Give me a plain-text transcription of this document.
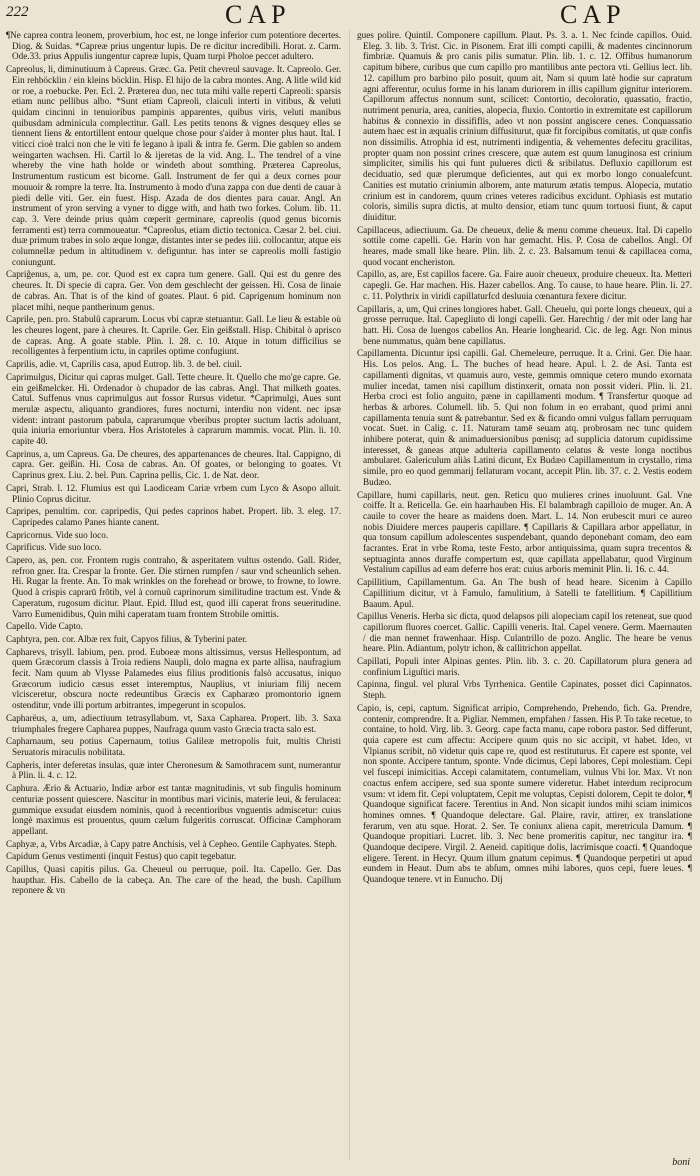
222	CAP	CAP

¶Ne caprea contra leonem, proverbium, hoc est, ne longe inferior cum potentiore decertes. Diog. & Suidas. *Capreæ prius ungentur lupis. De re dicitur incredibili. Horat. z. Carm. Ode.33. prius Appulis iungentur capreæ lupis, Quam turpi Pholoe peccet adultero.

Capreolus, li, diminutiuum à Capreus. Græc. Ga. Petit chevreul sauvage. It. Capreolo. Ger. Ein rehböcklin / ein kleins böcklin. Hisp. El hijo de la cabra montes. Ang. A litle wild kid or roe, a roebucke. Per. Ecl. 2. Præterea duo, nec tuta mihi valle reperti Capreoli: sparsis etiam nunc pellibus albo. *Sunt etiam Capreoli, claiculi interti in vitibus, & veluti quidam cincinni in tenuioribus pampinis apparentes, quibus viris, veluti manibus quibusdam adminicula complectitur. Gall. Les petits tenons & vignes desquey elles se tiennent liens & entortillent entour quelque chose pour s'aider à monter plus haut. Ital. I viticci cioè tralci non che le viti fe legano à ipali & intra fe. Germ. Die gablen so andem weingarten wachsen. Hi. Cartil lo & ijeretas de la vid. Ang. L. The tendrel of a vine whereby the vine hath holde or windeth about somthing. Præterea Capreolus, Instrumentum rusticum est bicorne. Gall. Instrument de fer qui a deux cornes pour mouuoir & rompre la terre. Ita. Instrumento à modo d'una zappa con due denti de cauar à piedi delle viti. Ger. ein fuest. Hisp. Azada de dos dientes para cauar. Angl. An instrument of yron serving a vyner to digge with, and hath two forkes. Colum. lib. 11. cap. 3. Vere deinde prius quàm cœperit germinare, capreolis (quod genus bicornis ferramenti est) terra commoueatur. *Capreolus, etiam dictio tectonica. Cæsar 2. bel. ciui. duæ primum trabes in solo æque longæ, distantes inter se pedes iiii. collocantur, atque eis columnellæ pedum in altitudinem v. defiguntur. has inter se capreolis molli fastigio coniungunt.

Capriĝenus, a, um, pe. cor. Quod est ex capra tum genere. Gall. Qui est du genre des cheures. It. Di specie di capra. Ger. Von dem geschlecht der geissen. Hi. Cosa de linaie de cabras. An. That is of the kind of goates. Plaut. 6 pid. Caprigenum hominum non placet mihi, neque pantherinum genus.

Caprile, pen. pro. Stabulû caprarum. Locus vbi capræ stetuantur. Gall. Le lieu & estable où les cheures logent, pare à cheures. It. Caprile. Ger. Ein geißstall. Hisp. Chibital ò aprisco de capras. Ang. A goate stable. Plin. l. 28. c. 10. Atque in totum difficilius se recolligentes à ferpentium ictu, in capriles optime confugiunt.

Caprilis, adie. vt, Caprilis casa, apud Eutrop. lib. 3. de bel. ciuil.

Caprimulgus, Dicitur qui capras mulget. Gall. Tette cheure. It. Quello che mo'ge capre. Ge. ein geißmelcker. Hi. Ordenador ò chupador de las cabras. Angl. That milketh goates. Catul. Suffenus vnus caprimulgus aut fossor Rursus videtur. *Caprimulgi, Aues sunt merulæ aspectu, aliquanto grandiores, fures nocturni, interdiu non vident. nec ipsæ vident: intrant pastorum pabula, caprarumque vberibus propter suctum lactis adoluant, quia iniuria emoriuntur vbera. Hos Aristoteles à caprarum mammis. vocat. Plin. li. 10. capite 40.

Caprinus, a, um Capreus. Ga. De cheures, des appartenances de cheures. Ital. Cappigno, di capra. Ger. geißin. Hi. Cosa de cabras. An. Of goates, or belonging to goates. Vt Caprinus grex. Liu. 2. bel. Pun. Caprina pellis, Cic. 1. de Nat. deor.

Capri, Strab. l. 12. Flumius est qui Laodiceam Cariæ vrbem cum Lyco & Asopo alluit. Plinio Coprus dicitur.

Capripes, penultim. cor. capripedis, Qui pedes caprinos habet. Propert. lib. 3. eleg. 17. Capripedes calamo Panes hiante canent.

Capricornus. Vide suo loco.

Caprificus. Vide suo loco.

Capero, as, pen. cor. Frontem rugis contraho, & asperitatem vultus ostendo. Gall. Rider, refron gner. Ita. Crespar la fronte. Ger. Die stirnen rumpfen / saur vnd scheunlich sehen. Hi. Rugar la frente. An. To mak wrinkles on the forehead or browe, to frowne, to lowre. Quod à crispis caprarū frōtib, vel à cornuũ caprinorum similitudine tractum est. Vnde & Caperatum, rugosum dicitur. Plaut. Epid. Illud est, quod illi caperat frons seueritudine. Varro Eumenidibus, Quin mihi caperatam tuam frontem Strobile omittis.

Capello. Vide Capto.

Caphtyra, pen. cor. Albæ rex fuit, Capyos filius, & Tyberini pater.

Capharevs, trisyll. Iabium, pen. prod. Euboeæ mons altissimus, versus Hellespontum, ad quem Græcorum classis à Troia rediens Naupli, dolo magna ex parte allisa, naufragium fecit. Nam quum ab Vlysse Palamedes eius filius proditionis falsò accusatus, iniquo Græcorum iudicio cæsus esset interemptus, Nauplius, vt iniuriam filij necem vlcisceretur, obscura nocte redeuntibus Græcis ex Capharæo promontorio ignem ostenditur, vnde illi portum arbitrantes, impegerunt in scopulos.

Capharëus, a, um, adiectiuum tetrasyllabum. vt, Saxa Capharea. Propert. lib. 3. Saxa triumphales fregere Capharea puppes, Naufraga quum vasto Græcia tracta salo est.

Capharnaum, seu potius Capernaum, totius Galileæ metropolis fuit, multis Christi Seruatoris miraculis nobilitata.

Capheris, inter deferetas insulas, quæ inter Cheronesum & Samothracem sunt, numerantur à Plin. li. 4. c. 12.

Caphura. Ærio & Actuario, Indiæ arbor est tantæ magnitudinis, vt sub fingulis hominum centuriæ possent quiescere. Nascitur in montibus mari vicinis, materie leui, & ferulacea: gummique exsudat eiusdem nominis, quod à recentioribus vnguentis admiscetur: cuius longè maximus est prouentus, quum cælum fulgeritis corruscat. Officinæ Camphoram appellant.

Caphyæ, a, Vrbs Arcadiæ, à Capy patre Anchisis, vel à Cepheo. Gentile Caphyates. Steph.

Capidum Genus vestimenti (inquit Festus) quo capit tegebatur.

Capillus, Quasi capitis pilus. Ga. Cheueul ou perruque, poil. Ita. Capello. Ger. Das haupthar. His. Cabello de la cabeça. An. The care of the head, the bush. Capillum reponere & vn

gues polire. Quintil. Componere capillum. Plaut. Ps. 3. a. 1. Nec fcinde capillos. Ouid. Eleg. 3. lib. 3. Trist. Cic. in Pisonem. Erat illi compti capilli, & madentes cincinnorum fimbriæ. Quamuis & pro canis pilis sumatur. Plin. lib. 1. c. 12. Offibus humanorum capitum bibere, curibus que cum capillo pro mantilibus ante pectora vti. Gellius lect. lib. 12. capillum pro barbino pilo posuit, quum ait, Nam si quum latè hodie sur capratum agni afferentur, oculus forme in his lanam duriorem in illis capillum gignitur interiorem. Capillorum affectus nonnum sunt, scilicet: Contortio, decoloratio, quassatio, fractio, nutriment penuria, area, canities, alopecia, fluxio. Contortio in extremitate est capillorum habitus & connexio in dissififlis, adeo vt non possint angiscere cenes. Conquassatio autem haec est in æqualis crinium diffusiturut, quæ fit forcipibus comitatis, ut quæ confis non dissimilis. Atrophia id est, nutrimenti indigentia, & vehementes defecitu gracilitas, propter quam non possint crines crescere, quæ autem est quum lanuginosa est crinium simpliciter, similis his qui funt pulueres dicti & sribilatus. Defluxio capillorum est deciduatio, sed quæ plerumque deficientes, aut qui ex morbo longo conualefcunt. Canities est mutatio criniumin alborem, ante maturum ætatis tempus. Alopecia, mutatio crinium est in candorem, quum crines veteres radicibus excidunt. Ophiasis est mutatio coloris, similis supra dictis, at multo densior, etiam tunc quum tortuosi fiunt, & caput diuiditur.

Capillaceus, adiectiuum. Ga. De cheueux, delie & menu comme cheueux. Ital. Di capello sottile come capelli. Ge. Harin von har gemacht. His. P. Cosa de cabellos. Angl. Of heares, made small like heare. Plin. lib. 2. c. 23. Balsamum tenui & capillacea coma, quod vocant encheriston.

Capillo, as, are, Est capillos facere. Ga. Faire auoir cheueux, produire cheueux. Ita. Metteri capegli. Ge. Har machen. His. Hazer cabellos. Ang. To cause, to haue heare. Plin. li. 27. c. 11. Polythrix in viridi capillaturfcd desluuia cœnantura fexere dicitur.

Capillaris, a, um, Qui crines longiores habet. Gall. Cheuelu, qui porte longs cheueux, qui a grosse perruque. Ital. Capegliuto di longi capelli. Ger. Harechtig / der mit oder lang har hatt. Hi. Cosa de luengos cabellos An. Hearie longhearid. Cic. de leg. Agr. Non minus bene nummatus, quàm bene capillatus.

Capillamenta. Dicuntur ipsi capilli. Gal. Chemeleure, perruque. It a. Crini. Ger. Die haar. His. Los pelos. Ang. L. The buches of head heare. Apul. l. 2. de Asi. Tanta est capillamenti dignitas, vt quamuis auro, veste, gemmis omnique cetero mundo exornata mulier incedat, tamen nisi capillum distinxerit, ornata non possit videri. Plin. li. 21. Herba croci est folio anguito, pæne in capillamenti modum. ¶ Transfertur quoque ad herbas & arbores. Columell. lib. 5. Qui non folum in eo errabant, quod primi anni capillamenta tenuia sunt & patrebantur. Sed ex & ficando omni vulgus fallam perruquam vocat. Suet. in Calig. c. 11. Naturam tamē seuam atq. probrosam nec tunc quidem inhibere poterat, quin & animaduersionibus pœnisq; ad supplicia datorum cupidissime interesset, & ganeas atque adulteria capillamento celatus & veste longa noctibus ambularet. Galericulum aliàs Latini dicunt, Ex Budæo Capillamentum in crystallo, rima simile, pro eo quod gemmarij fellaturam vocant, accepit Plin. lib. 37. c. 2. Vestis eodem Budæo.

Capillare, humi capillaris, neut. gen. Reticu quo mulieres crines inuoluunt. Gal. Vne coiffe. It a. Reticella. Ge. ein haarhauben His. El balambragh capilloio de muger. An. A cauile to cover the heare as maidens doen. Mart. L. 14. Non erubescit muri ce aureo nobis Diuidere merces pauperis capillare. ¶ Capillaris & Capillara arbor appellatur, in qua tonsum capillum adolescentes suspendebant, quando deponebant comam, deo eam facrantes. Erat in vrbe Roma, teste Festo, arbor antiquissima, quam supra trecentos & septuaginta annos duraffe compertum est, quæ capillata appellabatur, quod Virginum Vestalium capillus ad eam deferre hos erat: cuius arboris meminit Plin. li. 16. c. 44.

Capillitium, Capillamentum. Ga. An The bush of head heare. Sicenim à Capillo Capillitium dicitur, vt à Famulo, famulitium, à Satelli te fatellitium. ¶ Capillitium Baaum. Apul.

Capillus Veneris. Herba sic dicta, quod delapsos pili alopeciam capil los reteneat, sue quod capillorum fluores coercet. Gallic. Capilli veneris. Ital. Capel venere. Germ. Maernauten / die man nennet frawenhaar. Hisp. Culantrillo de pozo. Anglic. The heare be venus heare. Plin. Adiantum, polytr ichon, & callitrichon appellat.

Capillati, Populi inter Alpinas gentes. Plin. lib. 3. c. 20. Capillatorum plura genera ad confinium Liguſtici maris.

Capinna, fingul. vel plural Vrbs Tyrrhenica. Gentile Capinates, posset dici Capinnatos. Steph.

Capio, is, cepi, captum. Significat arripio, Comprehendo, Prehendo, fich. Ga. Prendre, contenir, comprendre. It a. Pigliar. Nemmen, empfahen / fassen. His P. To take recetue, to containe, to hold. Virg. lib. 3. Georg. cape facta manu, cape robora pastor. Sed differunt, quia capere est cum affectu: Accipere quum quis no sic accipit, vt habet. Ideo, vt Vlpianus scribit, nō videtur quis cape re, quod est restituturus. Et capere est sponte, vel non sponte. Accipere tantum, sponte. Vnde dicimus, Cepi labores, Cepi molestiam. Cepi vel fuscepi inimicitias. Accepi calamitatem, contumeliam, vulnus Vbi lor. Max. Vt non coactus enfem accipere, sed sua sponte sumere videretur. Habet interdum reciprocum vsum: vt idem fit. Cepi voluptatem, Cepit me voluptas, Cepisti dolorem, Cepit te dolor, ¶ Quandoque significat facere. Terentius in And. Non sicapit iundos mihi sciam inimicos homines omnes. ¶ Quandoque delectare. Gal. Plaire, ravir, attirer, ex translatione ferarum, ven atu sque. Horat. 2. Ser. Te coniunx aliena capit, meretricula Damum. ¶ Quandoque propitiari. Lucret. lib. 3. Nec bene promeritis capitur, nec tangitur ira. ¶ Quandoque decipere. Virgil. 2. Aeneid. capitique dolis, lacrimisque coacti. ¶ Quandoque eligere. Terent. in Hecyr. Quum illum gnatum cepimus. ¶ Quandoque perpetiri ut apud eundem in Heaut. Dum abs te abſum, omnes mihi labores, quos cepi, fuere leues. ¶ Quandoque tenere. vt in Eunucho. Dij

boni
